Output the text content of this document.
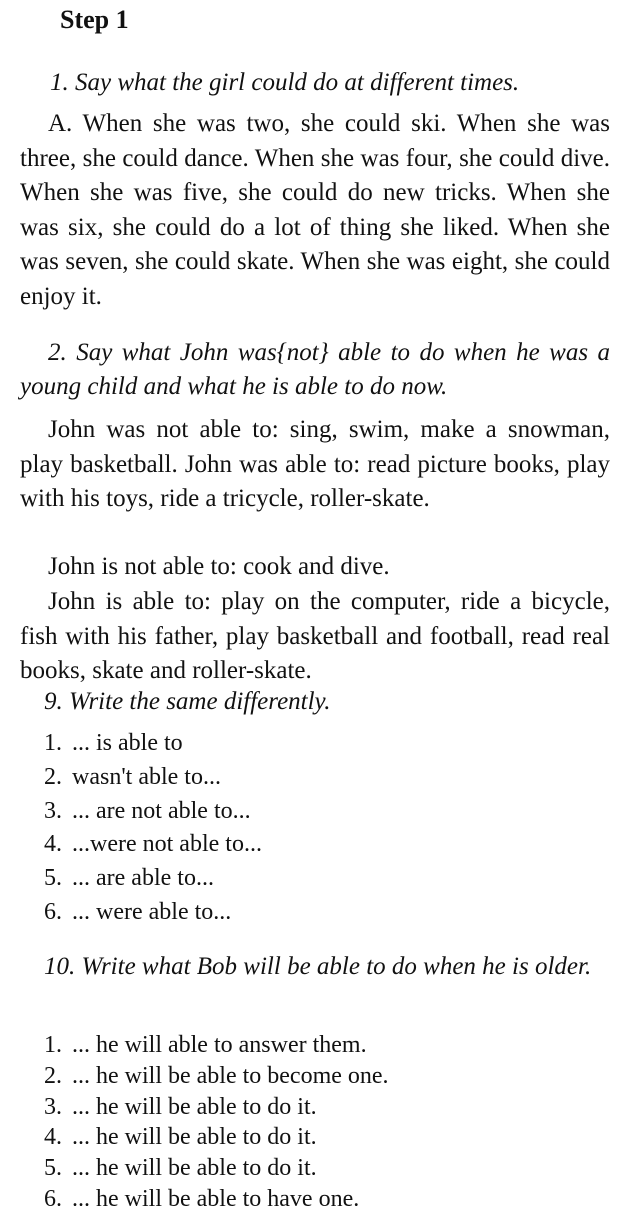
Step 1

1. Say what the girl could do at different times.

A. When she was two, she could ski. When she was three, she could dance. When she was four, she could dive. When she was five, she could do new tricks. When she was six, she could do a lot of thing she liked. When she was seven, she could skate. When she was eight, she could enjoy it.

2. Say what John was{not} able to do when he was a young child and what he is able to do now.

John was not able to: sing, swim, make a snowman, play basketball. John was able to: read picture books, play with his toys, ride a tricycle, roller-skate.

John is not able to: cook and dive.

John is able to: play on the computer, ride a bicycle, fish with his father, play basketball and football, read real books, skate and roller-skate.

9. Write the same differently.

1. ... is able to
2. wasn't able to...
3. ... are not able to...
4. ...were not able to...
5. ... are able to...
6. ... were able to...

10. Write what Bob will be able to do when he is older.

1. ... he will able to answer them.
2. ... he will be able to become one.
3. ... he will be able to do it.
4. ... he will be able to do it.
5. ... he will be able to do it.
6. ... he will be able to have one.
